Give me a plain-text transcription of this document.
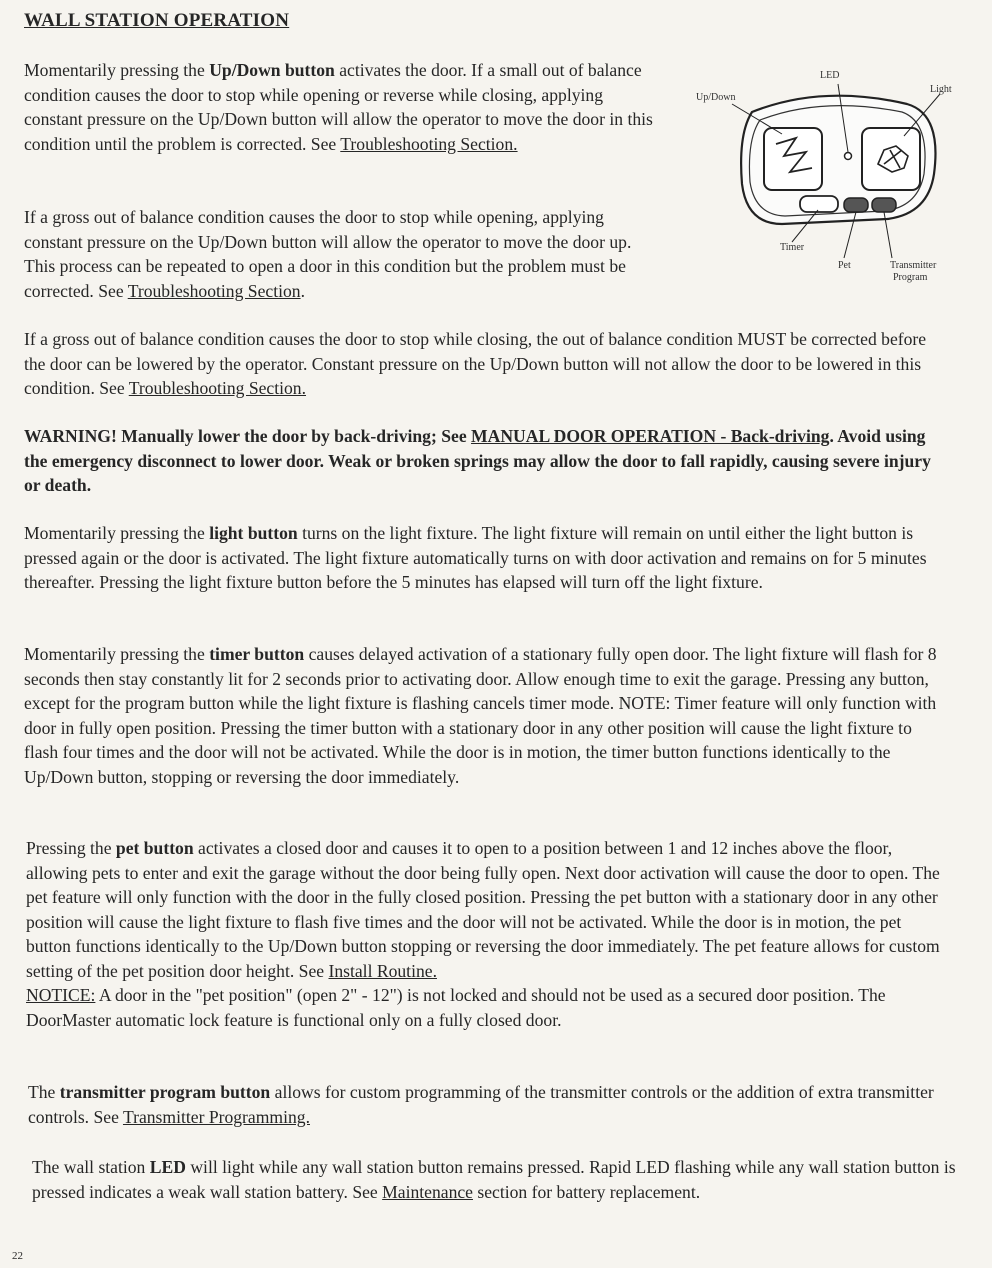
WALL STATION OPERATION

Momentarily pressing the Up/Down button activates the door. If a small out of balance condition causes the door to stop while opening or reverse while closing, applying constant pressure on the Up/Down button will allow the operator to move the door in this condition until the problem is corrected. See Troubleshooting Section.

If a gross out of balance condition causes the door to stop while opening, applying constant pressure on the Up/Down button will allow the operator to move the door up. This process can be repeated to open a door in this condition but the problem must be corrected. See Troubleshooting Section.

If a gross out of balance condition causes the door to stop while closing, the out of balance condition MUST be corrected before the door can be lowered by the operator. Constant pressure on the Up/Down button will not allow the door to be lowered in this condition. See Troubleshooting Section.

WARNING! Manually lower the door by back-driving; See MANUAL DOOR OPERATION - Back-driving. Avoid using the emergency disconnect to lower door. Weak or broken springs may allow the door to fall rapidly, causing severe injury or death.

Momentarily pressing the light button turns on the light fixture. The light fixture will remain on until either the light button is pressed again or the door is activated. The light fixture automatically turns on with door activation and remains on for 5 minutes thereafter. Pressing the light fixture button before the 5 minutes has elapsed will turn off the light fixture.

Momentarily pressing the timer button causes delayed activation of a stationary fully open door. The light fixture will flash for 8 seconds then stay constantly lit for 2 seconds prior to activating door. Allow enough time to exit the garage. Pressing any button, except for the program button while the light fixture is flashing cancels timer mode. NOTE: Timer feature will only function with door in fully open position. Pressing the timer button with a stationary door in any other position will cause the light fixture to flash four times and the door will not be activated. While the door is in motion, the timer button functions identically to the Up/Down button, stopping or reversing the door immediately.

Pressing the pet button activates a closed door and causes it to open to a position between 1 and 12 inches above the floor, allowing pets to enter and exit the garage without the door being fully open. Next door activation will cause the door to open. The pet feature will only function with the door in the fully closed position. Pressing the pet button with a stationary door in any other position will cause the light fixture to flash five times and the door will not be activated. While the door is in motion, the pet button functions identically to the Up/Down button stopping or reversing the door immediately. The pet feature allows for custom setting of the pet position door height. See Install Routine.
NOTICE: A door in the "pet position" (open 2" - 12") is not locked and should not be used as a secured door position. The DoorMaster automatic lock feature is functional only on a fully closed door.

The transmitter program button allows for custom programming of the transmitter controls or the addition of extra transmitter controls. See Transmitter Programming.

The wall station LED will light while any wall station button remains pressed. Rapid LED flashing while any wall station button is pressed indicates a weak wall station battery. See Maintenance section for battery replacement.

LED
Up/Down
Light
Timer
Pet	Transmitter
Program
22
